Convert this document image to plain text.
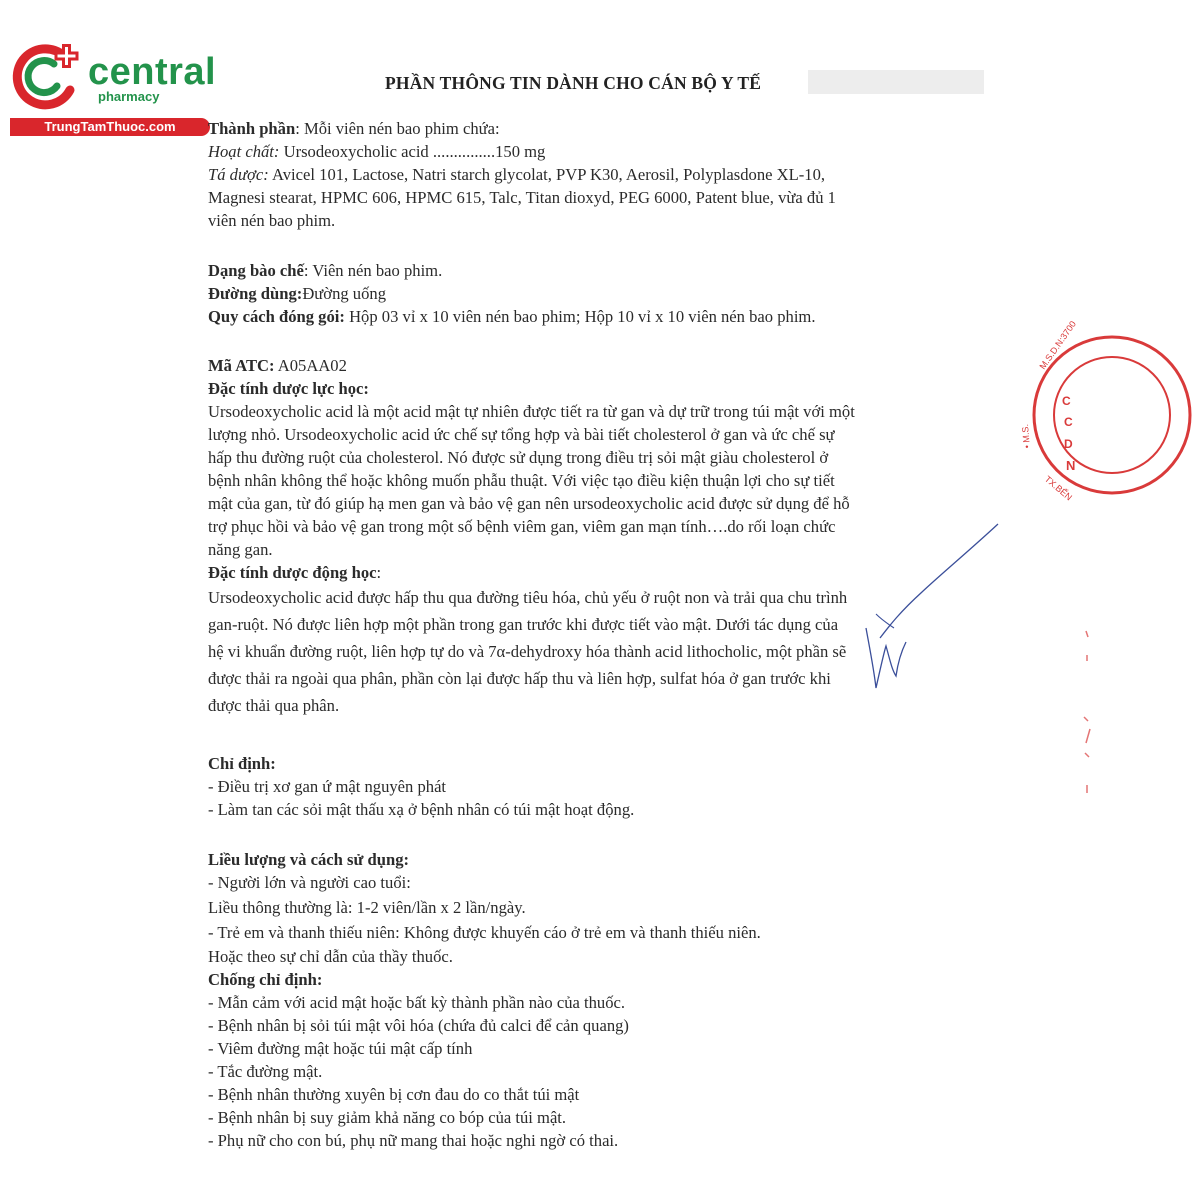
central
pharmacy
TrungTamThuoc.com
PHẦN THÔNG TIN DÀNH CHO CÁN BỘ Y TẾ
Thành phần: Mỗi viên nén bao phim chứa:
Hoạt chất: Ursodeoxycholic acid ...............150 mg
Tá dược: Avicel 101, Lactose, Natri starch glycolat, PVP K30, Aerosil, Polyplasdone XL-10,
Magnesi stearat, HPMC 606, HPMC 615, Talc, Titan dioxyd, PEG 6000, Patent blue, vừa đủ 1
viên nén bao phim.
Dạng bào chế: Viên nén bao phim.
Đường dùng:Đường uống
Quy cách đóng gói: Hộp 03 vỉ x 10 viên nén bao phim; Hộp 10 vỉ x 10 viên nén bao phim.
Mã ATC: A05AA02
Đặc tính dược lực học:
Ursodeoxycholic acid là một acid mật tự nhiên được tiết ra từ gan và dự trữ trong túi mật với một
lượng nhỏ. Ursodeoxycholic acid ức chế sự tổng hợp và bài tiết cholesterol ở gan và ức chế sự
hấp thu đường ruột của cholesterol. Nó được sử dụng trong điều trị sỏi mật giàu cholesterol ở
bệnh nhân không thể hoặc không muốn phẫu thuật. Với việc tạo điều kiện thuận lợi cho sự tiết
mật của gan, từ đó giúp hạ men gan và bảo vệ gan nên ursodeoxycholic acid được sử dụng để hỗ
trợ phục hồi và bảo vệ gan trong một số bệnh viêm gan, viêm gan mạn tính….do rối loạn chức
năng gan.
Đặc tính dược động học:
Ursodeoxycholic acid được hấp thu qua đường tiêu hóa, chủ yếu ở ruột non và trải qua chu trình
gan-ruột. Nó được liên hợp một phần trong gan trước khi được tiết vào mật. Dưới tác dụng của
hệ vi khuẩn đường ruột, liên hợp tự do và 7α-dehydroxy hóa thành acid lithocholic, một phần sẽ
được thải ra ngoài qua phân, phần còn lại được hấp thu và liên hợp, sulfat hóa ở gan trước khi
được thải qua phân.
Chỉ định:
- Điều trị xơ gan ứ mật nguyên phát
- Làm tan các sỏi mật thấu xạ ở bệnh nhân có túi mật hoạt động.
Liều lượng và cách sử dụng:
- Người lớn và người cao tuổi:
Liều thông thường là: 1-2 viên/lần x 2 lần/ngày.
- Trẻ em và thanh thiếu niên: Không được khuyến cáo ở trẻ em và thanh thiếu niên.
Hoặc theo sự chỉ dẫn của thầy thuốc.
Chống chỉ định:
- Mẫn cảm với acid mật hoặc bất kỳ thành phần nào của thuốc.
- Bệnh nhân bị sỏi túi mật vôi hóa (chứa đủ calci để cản quang)
- Viêm đường mật hoặc túi mật cấp tính
- Tắc đường mật.
- Bệnh nhân thường xuyên bị cơn đau do co thắt túi mật
- Bệnh nhân bị suy giảm khả năng co bóp của túi mật.
- Phụ nữ cho con bú, phụ nữ mang thai hoặc nghi ngờ có thai.
M.S.D.N:3700
• M.S.
C
C
D
N
TX.BẾN
